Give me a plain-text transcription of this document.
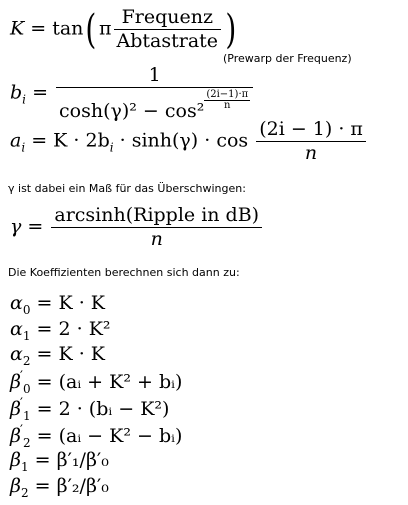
K = tan( π $\frac{\text{Frequenz}}{\text{Abtastrate}}$ )
(Prewarp der Frequenz)
$b_i = \frac{1}{\cosh(\gamma)^2 - \cos^2 \frac{(2i-1)\cdot\pi}{n}}$
$a_i = K \cdot 2b_i \cdot \sinh(\gamma) \cdot \cos \frac{(2i - 1) \cdot \pi}{n}$
γ ist dabei ein Maß für das Überschwingen:
$\gamma = \frac{\text{arcsinh(Ripple in dB)}}{n}$
Die Koeffizienten berechnen sich dann zu:
$\alpha_0 = K \cdot K$
$\alpha_1 = 2 \cdot K^2$
$\alpha_2 = K \cdot K$
$\beta'_0$ = (aᵢ + K² + bᵢ)
$\beta'_1 = 2$ · (bᵢ − K²)
$\beta'_2$ = (aᵢ − K² − bᵢ)
$\beta_1 = \beta'_1/\beta'_0$
$\beta_2 = \beta'_2/\beta'_0$
